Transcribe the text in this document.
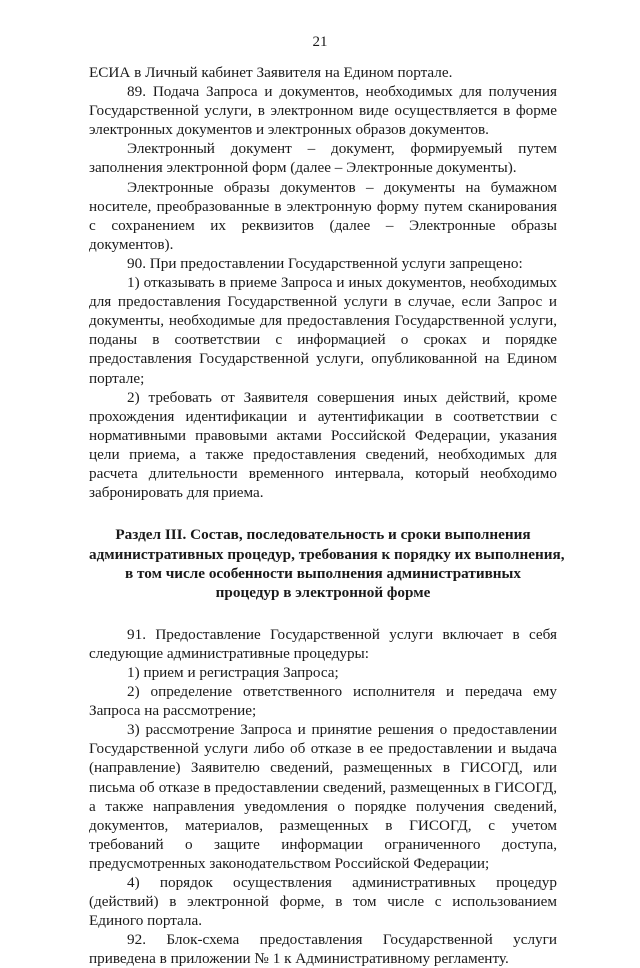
21

ЕСИА в Личный кабинет Заявителя на Едином портале.

89. Подача Запроса и документов, необходимых для получения Государственной услуги, в электронном виде осуществляется в форме электронных документов и электронных образов документов.

Электронный документ – документ, формируемый путем заполнения электронной форм (далее – Электронные документы).

Электронные образы документов – документы на бумажном носителе, преобразованные в электронную форму путем сканирования с сохранением их реквизитов (далее – Электронные образы документов).

90. При предоставлении Государственной услуги запрещено:

1) отказывать в приеме Запроса и иных документов, необходимых для предоставления Государственной услуги в случае, если Запрос и документы, необходимые для предоставления Государственной услуги, поданы в соответствии с информацией о сроках и порядке предоставления Государственной услуги, опубликованной на Едином портале;

2) требовать от Заявителя совершения иных действий, кроме прохождения идентификации и аутентификации в соответствии с нормативными правовыми актами Российской Федерации, указания цели приема, а также предоставления сведений, необходимых для расчета длительности временного интервала, который необходимо забронировать для приема.

Раздел III. Состав, последовательность и сроки выполнения
административных процедур, требования к порядку их выполнения,
в том числе особенности выполнения административных
процедур в электронной форме

91. Предоставление Государственной услуги включает в себя следующие административные процедуры:

1) прием и регистрация Запроса;

2) определение ответственного исполнителя и передача ему Запроса на рассмотрение;

3) рассмотрение Запроса и принятие решения о предоставлении Государственной услуги либо об отказе в ее предоставлении и выдача (направление) Заявителю сведений, размещенных в ГИСОГД, или письма об отказе в предоставлении сведений, размещенных в ГИСОГД, а также направления уведомления о порядке получения сведений, документов, материалов, размещенных в ГИСОГД, с учетом требований о защите информации ограниченного доступа, предусмотренных законодательством Российской Федерации;

4) порядок осуществления административных процедур (действий) в электронной форме, в том числе с использованием Единого портала.

92. Блок-схема предоставления Государственной услуги приведена в приложении № 1 к Административному регламенту.
